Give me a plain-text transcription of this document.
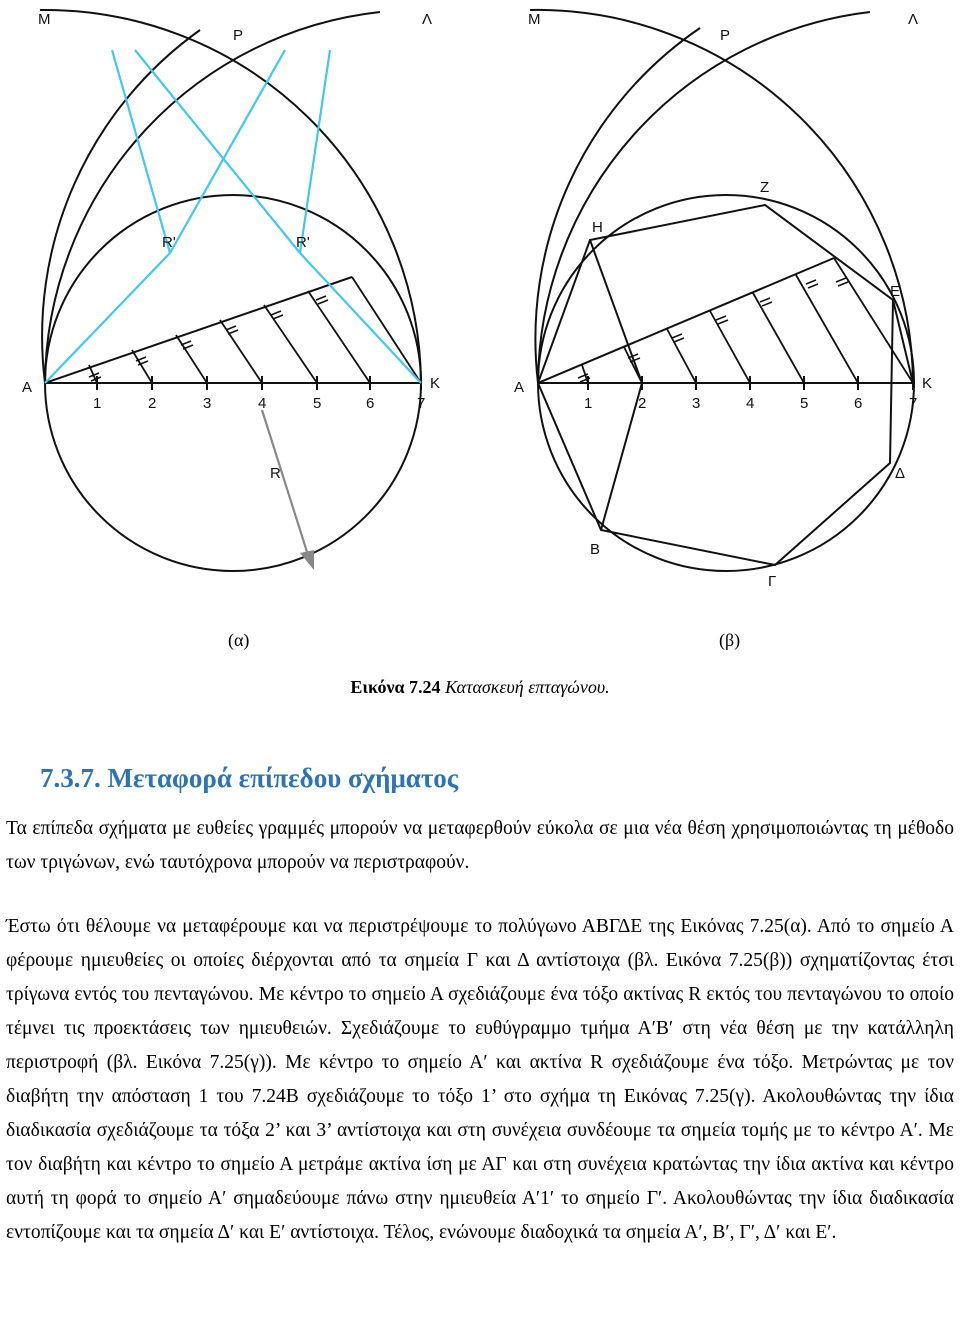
M
P
Λ
R'	R'
A	K
R
1	2	3	4	5	6	7
M
P
Λ
Z
H
E
A	K
Δ
B
Γ
1	2	3	4	5	6	7
(α)	(β)
Εικόνα 7.24 Κατασκευή επταγώνου.
7.3.7. Μεταφορά επίπεδου σχήματος

Τα επίπεδα σχήματα με ευθείες γραμμές μπορούν να μεταφερθούν εύκολα σε μια νέα θέση χρησιμοποιώντας τη μέθοδο των τριγώνων, ενώ ταυτόχρονα μπορούν να περιστραφούν.

Έστω ότι θέλουμε να μεταφέρουμε και να περιστρέψουμε το πολύγωνο ΑΒΓΔΕ της Εικόνας 7.25(α). Από το σημείο Α φέρουμε ημιευθείες οι οποίες διέρχονται από τα σημεία Γ και Δ αντίστοιχα (βλ. Εικόνα 7.25(β)) σχηματίζοντας έτσι τρίγωνα εντός του πενταγώνου. Με κέντρο το σημείο Α σχεδιάζουμε ένα τόξο ακτίνας R εκτός του πενταγώνου το οποίο τέμνει τις προεκτάσεις των ημιευθειών. Σχεδιάζουμε το ευθύγραμμο τμήμα Α′Β′ στη νέα θέση με την κατάλληλη περιστροφή (βλ. Εικόνα 7.25(γ)). Με κέντρο το σημείο Α′ και ακτίνα R σχεδιάζουμε ένα τόξο. Μετρώντας με τον διαβήτη την απόσταση 1 του 7.24Β σχεδιάζουμε το τόξο 1’ στο σχήμα τη Εικόνας 7.25(γ). Ακολουθώντας την ίδια διαδικασία σχεδιάζουμε τα τόξα 2’ και 3’ αντίστοιχα και στη συνέχεια συνδέουμε τα σημεία τομής με το κέντρο Α′. Με τον διαβήτη και κέντρο το σημείο Α μετράμε ακτίνα ίση με ΑΓ και στη συνέχεια κρατώντας την ίδια ακτίνα και κέντρο αυτή τη φορά το σημείο Α′ σημαδεύουμε πάνω στην ημιευθεία Α′1′ το σημείο Γ′. Ακολουθώντας την ίδια διαδικασία εντοπίζουμε και τα σημεία Δ′ και Ε′ αντίστοιχα. Τέλος, ενώνουμε διαδοχικά τα σημεία Α′, Β′, Γ′, Δ′ και Ε′.
